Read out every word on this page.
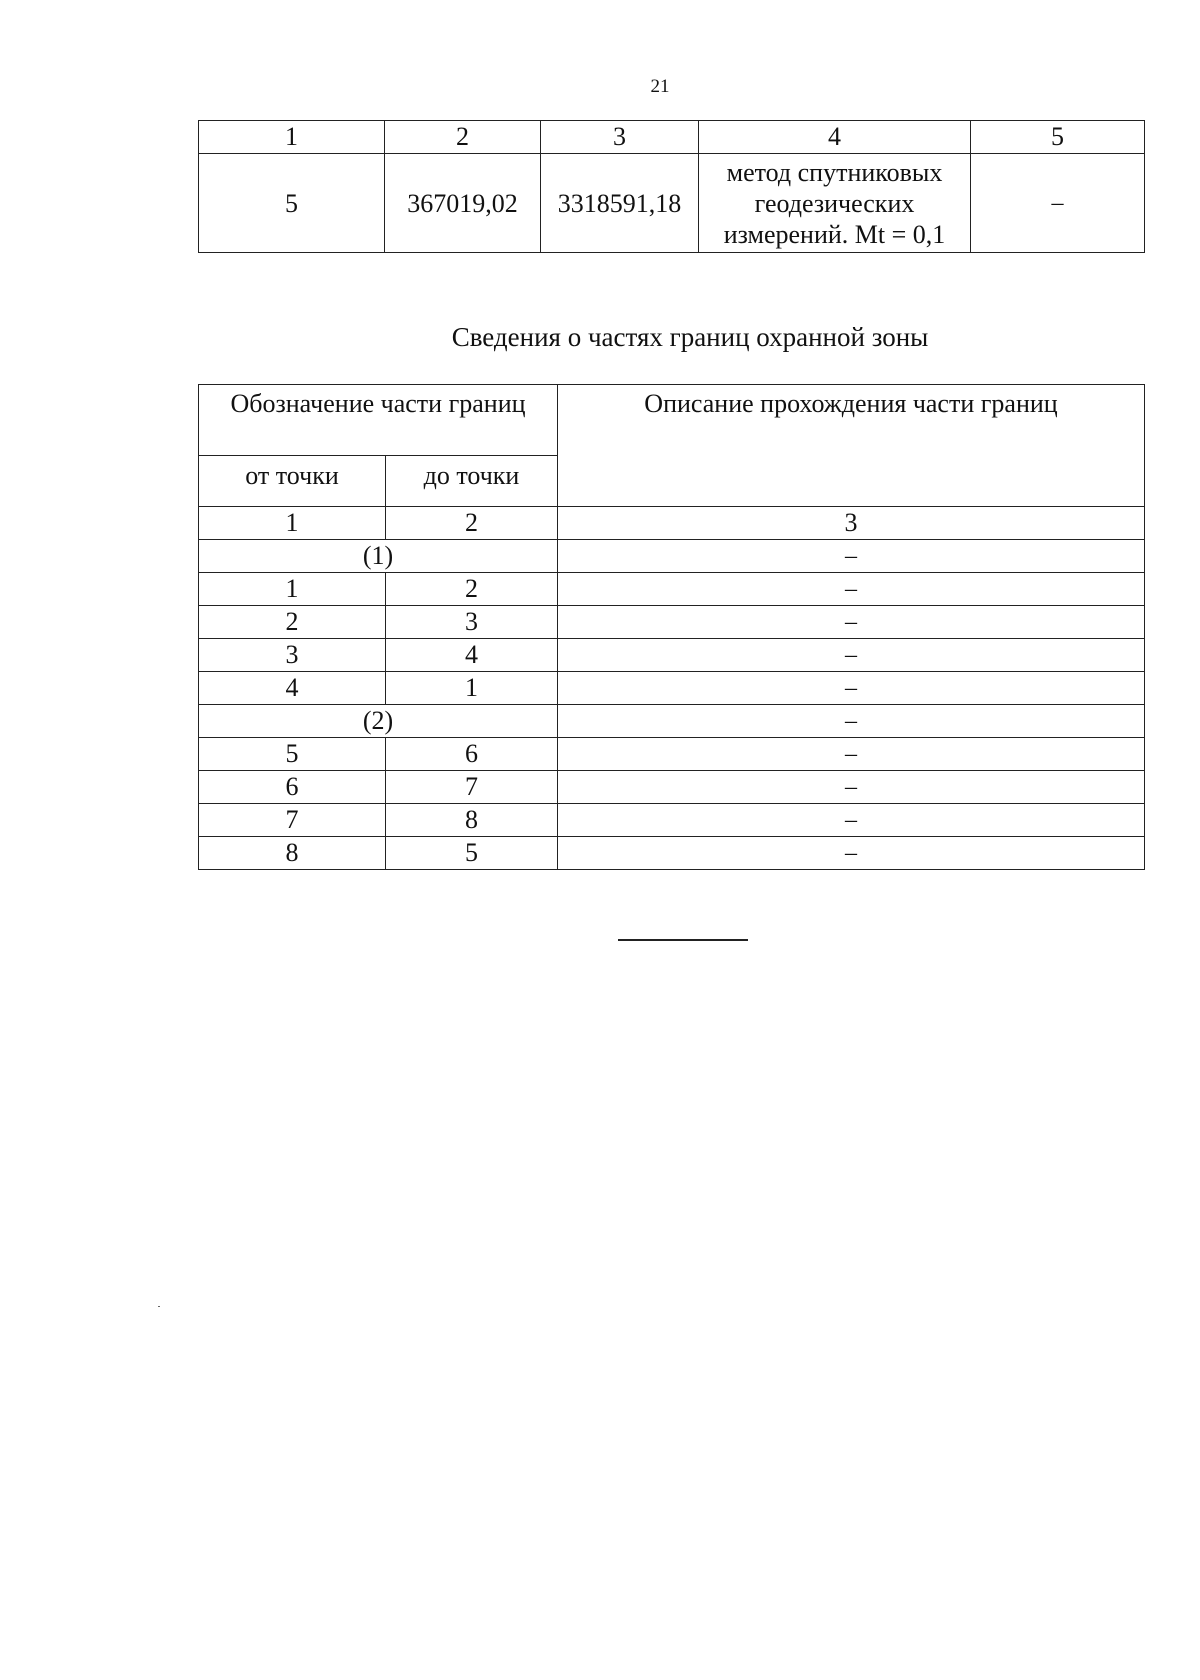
21
1	2	3	4	5
5	367019,02	3318591,18	метод спутниковых
геодезических
измерений. Mt = 0,1	–
Сведения о частях границ охранной зоны
Обозначение части границ		Описание прохождения части границ
от точки	до точки	
1	2	3
(1)		–
1	2	–
2	3	–
3	4	–
4	1	–
(2)		–
5	6	–
6	7	–
7	8	–
8	5	–
